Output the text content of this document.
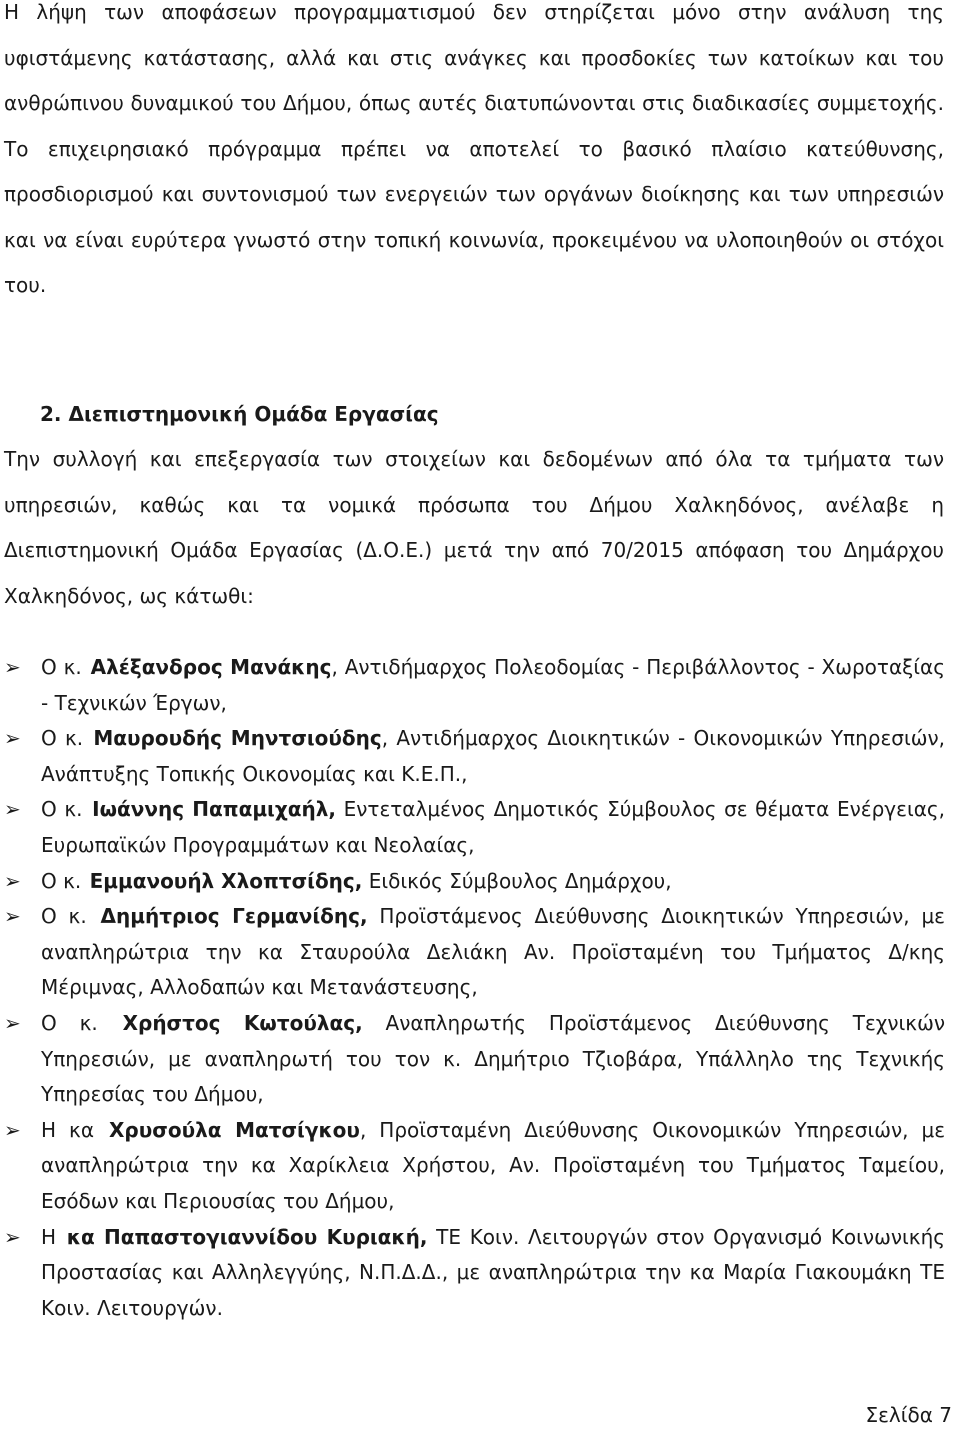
Η λήψη των αποφάσεων προγραμματισμού δεν στηρίζεται μόνο στην ανάλυση της υφιστάμενης κατάστασης, αλλά και στις ανάγκες και προσδοκίες των κατοίκων και του ανθρώπινου δυναμικού του Δήμου, όπως αυτές διατυπώνονται στις διαδικασίες συμμετοχής. Το επιχειρησιακό πρόγραμμα πρέπει να αποτελεί το βασικό πλαίσιο κατεύθυνσης, προσδιορισμού και συντονισμού των ενεργειών των οργάνων διοίκησης και των υπηρεσιών και να είναι ευρύτερα γνωστό στην τοπική κοινωνία, προκειμένου να υλοποιηθούν οι στόχοι του.

2. Διεπιστημονική Ομάδα Εργασίας

Την συλλογή και επεξεργασία των στοιχείων και δεδομένων από όλα τα τμήματα των υπηρεσιών, καθώς και τα νομικά πρόσωπα του Δήμου Χαλκηδόνος, ανέλαβε η Διεπιστημονική Ομάδα Εργασίας (Δ.Ο.Ε.) μετά την από 70/2015 απόφαση του Δημάρχου Χαλκηδόνος, ως κάτωθι:

➢ Ο κ. Αλέξανδρος Μανάκης, Αντιδήμαρχος Πολεοδομίας - Περιβάλλοντος - Χωροταξίας - Τεχνικών Έργων,
➢ Ο κ. Μαυρουδής Μηντσιούδης, Αντιδήμαρχος Διοικητικών - Οικονομικών Υπηρεσιών, Ανάπτυξης Τοπικής Οικονομίας και Κ.Ε.Π.,
➢ Ο κ. Ιωάννης Παπαμιχαήλ, Εντεταλμένος Δημοτικός Σύμβουλος σε θέματα Ενέργειας, Ευρωπαϊκών Προγραμμάτων και Νεολαίας,
➢ Ο κ. Εμμανουήλ Χλοπτσίδης, Ειδικός Σύμβουλος Δημάρχου,
➢ Ο κ. Δημήτριος Γερμανίδης, Προϊστάμενος Διεύθυνσης Διοικητικών Υπηρεσιών, με αναπληρώτρια την κα Σταυρούλα Δελιάκη Αν. Προϊσταμένη του Τμήματος Δ/κης Μέριμνας, Αλλοδαπών και Μετανάστευσης,
➢ Ο κ. Χρήστος Κωτούλας, Αναπληρωτής Προϊστάμενος Διεύθυνσης Τεχνικών Υπηρεσιών, με αναπληρωτή του τον κ. Δημήτριο Τζιοβάρα, Υπάλληλο της Τεχνικής Υπηρεσίας του Δήμου,
➢ Η κα Χρυσούλα Ματσίγκου, Προϊσταμένη Διεύθυνσης Οικονομικών Υπηρεσιών, με αναπληρώτρια την κα Χαρίκλεια Χρήστου, Αν. Προϊσταμένη του Τμήματος Ταμείου, Εσόδων και Περιουσίας του Δήμου,
➢ Η κα Παπαστογιαννίδου Κυριακή, ΤΕ Κοιν. Λειτουργών στον Οργανισμό Κοινωνικής Προστασίας και Αλληλεγγύης, Ν.Π.Δ.Δ., με αναπληρώτρια την κα Μαρία Γιακουμάκη ΤΕ Κοιν. Λειτουργών.

Σελίδα 7
